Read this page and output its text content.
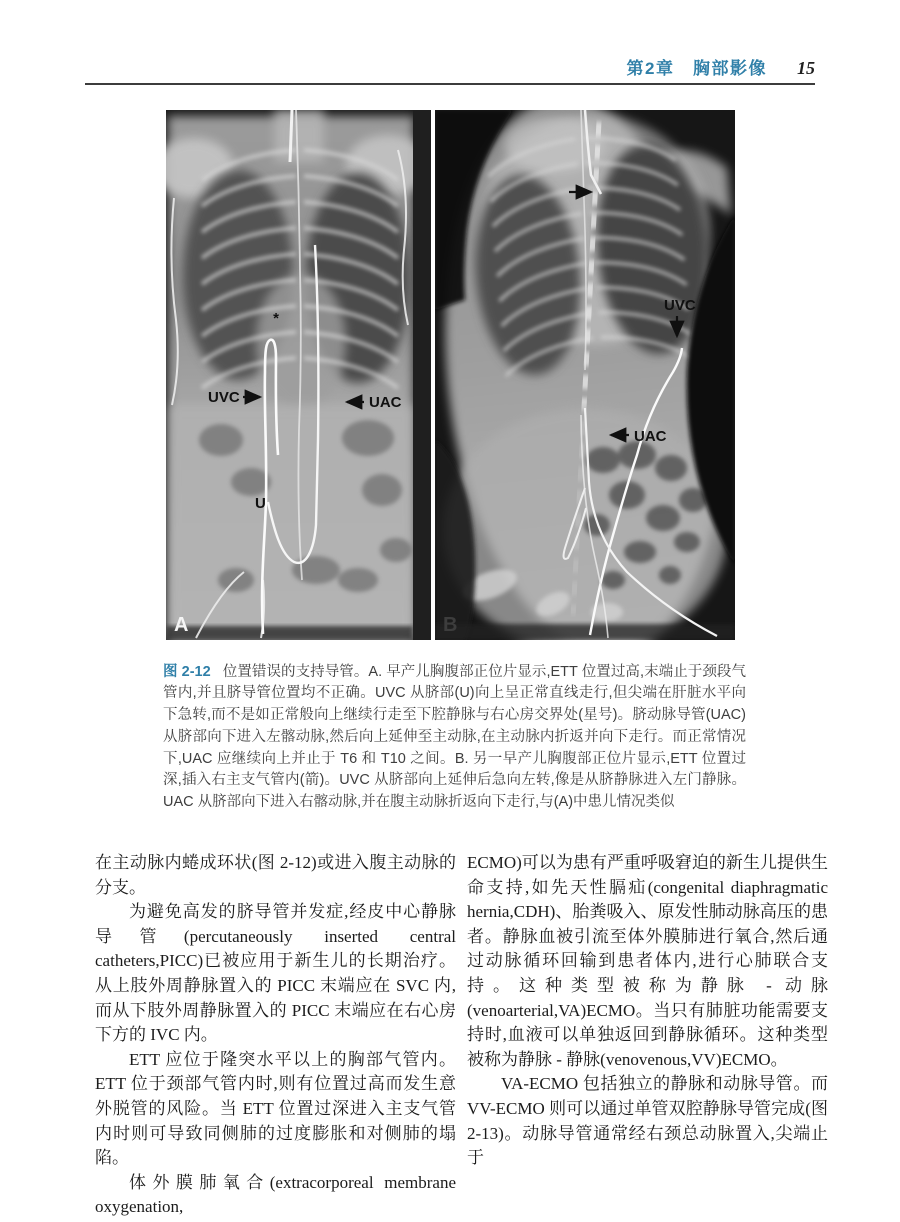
第2章　胸部影像 15
*
UVC	UAC
U
A
UVC
UAC
B

图 2-12 位置错误的支持导管。A. 早产儿胸腹部正位片显示,ETT 位置过高,末端止于颈段气管内,并且脐导管位置均不正确。UVC 从脐部(U)向上呈正常直线走行,但尖端在肝脏水平向下急转,而不是如正常般向上继续行走至下腔静脉与右心房交界处(星号)。脐动脉导管(UAC)从脐部向下进入左髂动脉,然后向上延伸至主动脉,在主动脉内折返并向下走行。而正常情况下,UAC 应继续向上并止于 T6 和 T10 之间。B. 另一早产儿胸腹部正位片显示,ETT 位置过深,插入右主支气管内(箭)。UVC 从脐部向上延伸后急向左转,像是从脐静脉进入左门静脉。UAC 从脐部向下进入右髂动脉,并在腹主动脉折返向下走行,与(A)中患儿情况类似

在主动脉内蜷成环状(图 2-12)或进入腹主动脉的分支。

为避免高发的脐导管并发症,经皮中心静脉导管(percutaneously inserted central catheters,PICC)已被应用于新生儿的长期治疗。从上肢外周静脉置入的 PICC 末端应在 SVC 内,而从下肢外周静脉置入的 PICC 末端应在右心房下方的 IVC 内。

ETT 应位于隆突水平以上的胸部气管内。ETT 位于颈部气管内时,则有位置过高而发生意外脱管的风险。当 ETT 位置过深进入主支气管内时则可导致同侧肺的过度膨胀和对侧肺的塌陷。

体外膜肺氧合(extracorporeal membrane oxygenation,

ECMO)可以为患有严重呼吸窘迫的新生儿提供生命支持,如先天性膈疝(congenital diaphragmatic hernia,CDH)、胎粪吸入、原发性肺动脉高压的患者。静脉血被引流至体外膜肺进行氧合,然后通过动脉循环回输到患者体内,进行心肺联合支持。这种类型被称为静脉 - 动脉(venoarterial,VA)ECMO。当只有肺脏功能需要支持时,血液可以单独返回到静脉循环。这种类型被称为静脉 - 静脉(venovenous,VV)ECMO。

VA-ECMO 包括独立的静脉和动脉导管。而 VV-ECMO 则可以通过单管双腔静脉导管完成(图 2-13)。动脉导管通常经右颈总动脉置入,尖端止于
